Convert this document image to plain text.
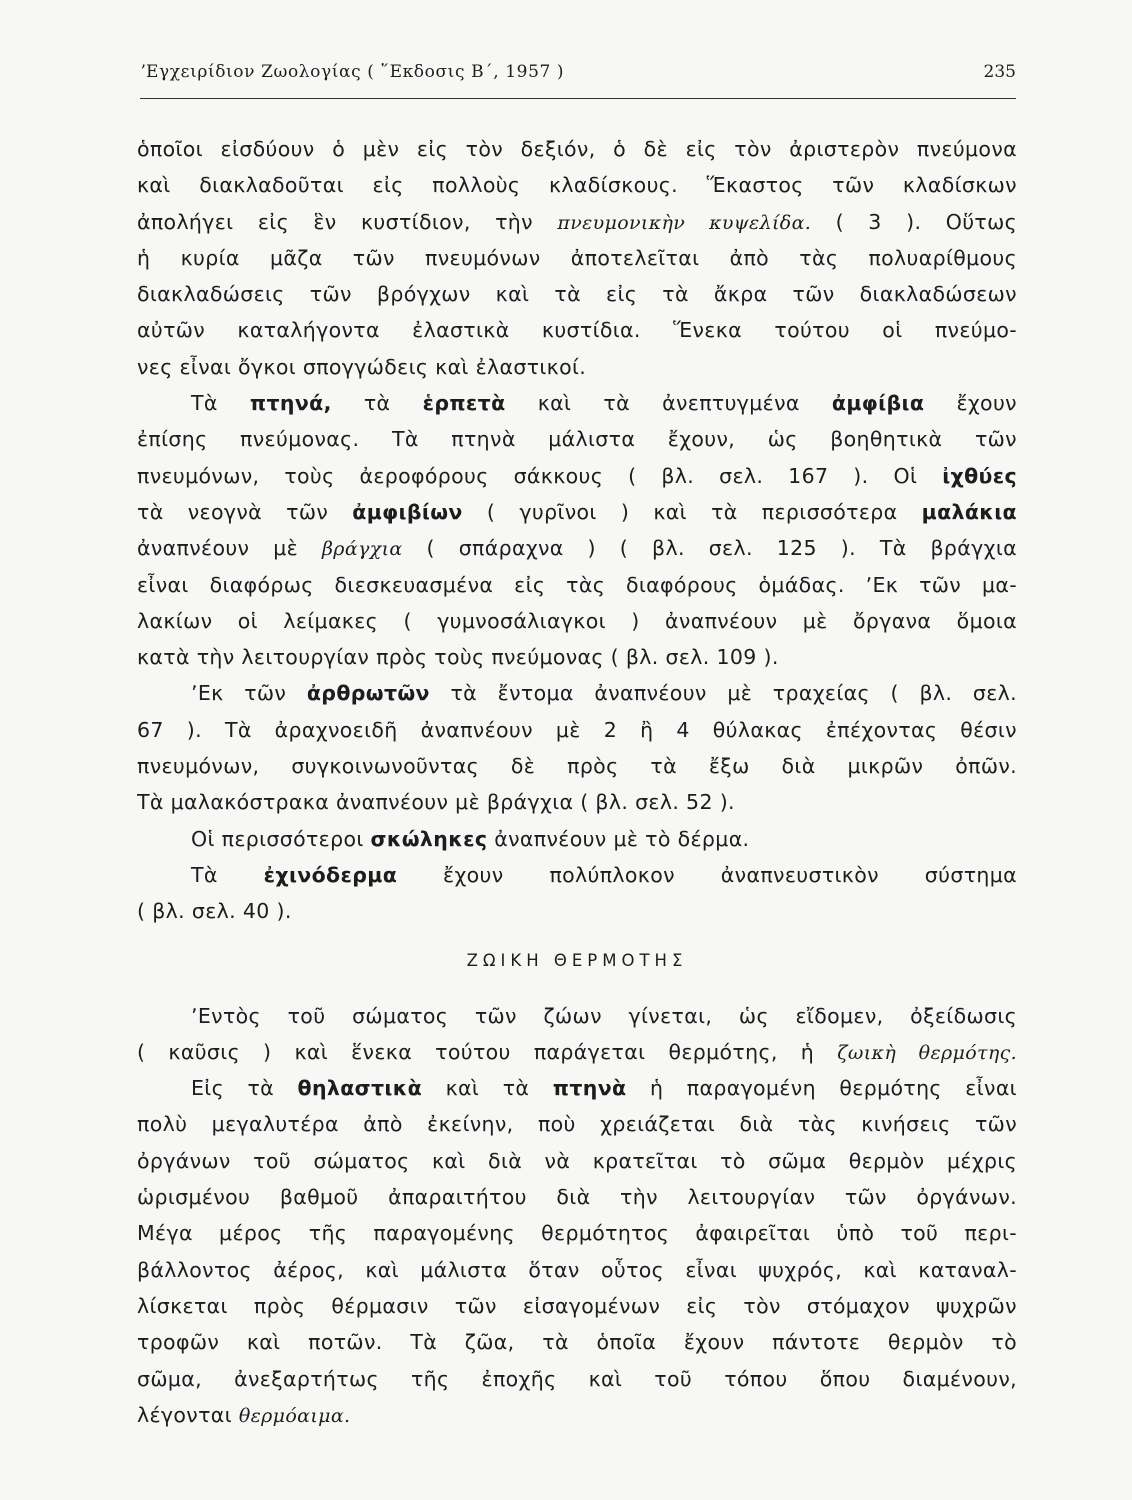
ʼΕγχειρίδιον Ζωολογίας ( ῞Εκδοσις Β΄, 1957 )	235
ὁποῖοι εἰσδύουν ὁ μὲν εἰς τὸν δεξιόν, ὁ δὲ εἰς τὸν ἀριστερὸν πνεύμονα
καὶ διακλαδοῦται εἰς πολλοὺς κλαδίσκους. Ἕκαστος τῶν κλαδίσκων
ἀπολήγει εἰς ἓν κυστίδιον, τὴν πνευμονικὴν κυψελίδα. ( 3 ). Οὕτως
ἡ κυρία μᾶζα τῶν πνευμόνων ἀποτελεῖται ἀπὸ τὰς πολυαρίθμους
διακλαδώσεις τῶν βρόγχων καὶ τὰ εἰς τὰ ἄκρα τῶν διακλαδώσεων
αὐτῶν καταλήγοντα ἐλαστικὰ κυστίδια. Ἕνεκα τούτου οἱ πνεύμο-
νες εἶναι ὄγκοι σπογγώδεις καὶ ἐλαστικοί.
Τὰ πτηνά, τὰ ἑρπετὰ καὶ τὰ ἀνεπτυγμένα ἀμφίβια ἔχουν
ἐπίσης πνεύμονας. Τὰ πτηνὰ μάλιστα ἔχουν, ὡς βοηθητικὰ τῶν
πνευμόνων, τοὺς ἀεροφόρους σάκκους ( βλ. σελ. 167 ). Οἱ ἰχθύες
τὰ νεογνὰ τῶν ἀμφιβίων ( γυρῖνοι ) καὶ τὰ περισσότερα μαλάκια
ἀναπνέουν μὲ βράγχια ( σπάραχνα ) ( βλ. σελ. 125 ). Τὰ βράγχια
εἶναι διαφόρως διεσκευασμένα εἰς τὰς διαφόρους ὁμάδας. ʼΕκ τῶν μα-
λακίων οἱ λείμακες ( γυμνοσάλιαγκοι ) ἀναπνέουν μὲ ὄργανα ὅμοια
κατὰ τὴν λειτουργίαν πρὸς τοὺς πνεύμονας ( βλ. σελ. 109 ).
ʼΕκ τῶν ἀρθρωτῶν τὰ ἔντομα ἀναπνέουν μὲ τραχείας ( βλ. σελ.
67 ). Τὰ ἀραχνοειδῆ ἀναπνέουν μὲ 2 ἢ 4 θύλακας ἐπέχοντας θέσιν
πνευμόνων, συγκοινωνοῦντας δὲ πρὸς τὰ ἔξω διὰ μικρῶν ὀπῶν.
Τὰ μαλακόστρακα ἀναπνέουν μὲ βράγχια ( βλ. σελ. 52 ).
Οἱ περισσότεροι σκώληκες ἀναπνέουν μὲ τὸ δέρμα.
Τὰ ἐχινόδερμα ἔχουν πολύπλοκον ἀναπνευστικὸν σύστημα
( βλ. σελ. 40 ).
ΖΩΙΚΗ ΘΕΡΜΟΤΗΣ
ʼΕντὸς τοῦ σώματος τῶν ζώων γίνεται, ὡς εἴδομεν, ὀξείδωσις
( καῦσις ) καὶ ἕνεκα τούτου παράγεται θερμότης, ἡ ζωικὴ θερμότης.
Εἰς τὰ θηλαστικὰ καὶ τὰ πτηνὰ ἡ παραγομένη θερμότης εἶναι
πολὺ μεγαλυτέρα ἀπὸ ἐκείνην, ποὺ χρειάζεται διὰ τὰς κινήσεις τῶν
ὀργάνων τοῦ σώματος καὶ διὰ νὰ κρατεῖται τὸ σῶμα θερμὸν μέχρις
ὡρισμένου βαθμοῦ ἀπαραιτήτου διὰ τὴν λειτουργίαν τῶν ὀργάνων.
Μέγα μέρος τῆς παραγομένης θερμότητος ἀφαιρεῖται ὑπὸ τοῦ περι-
βάλλοντος ἀέρος, καὶ μάλιστα ὅταν οὗτος εἶναι ψυχρός, καὶ καταναλ-
λίσκεται πρὸς θέρμασιν τῶν εἰσαγομένων εἰς τὸν στόμαχον ψυχρῶν
τροφῶν καὶ ποτῶν. Τὰ ζῶα, τὰ ὁποῖα ἔχουν πάντοτε θερμὸν τὸ
σῶμα, ἀνεξαρτήτως τῆς ἐποχῆς καὶ τοῦ τόπου ὅπου διαμένουν,
λέγονται θερμόαιμα.
